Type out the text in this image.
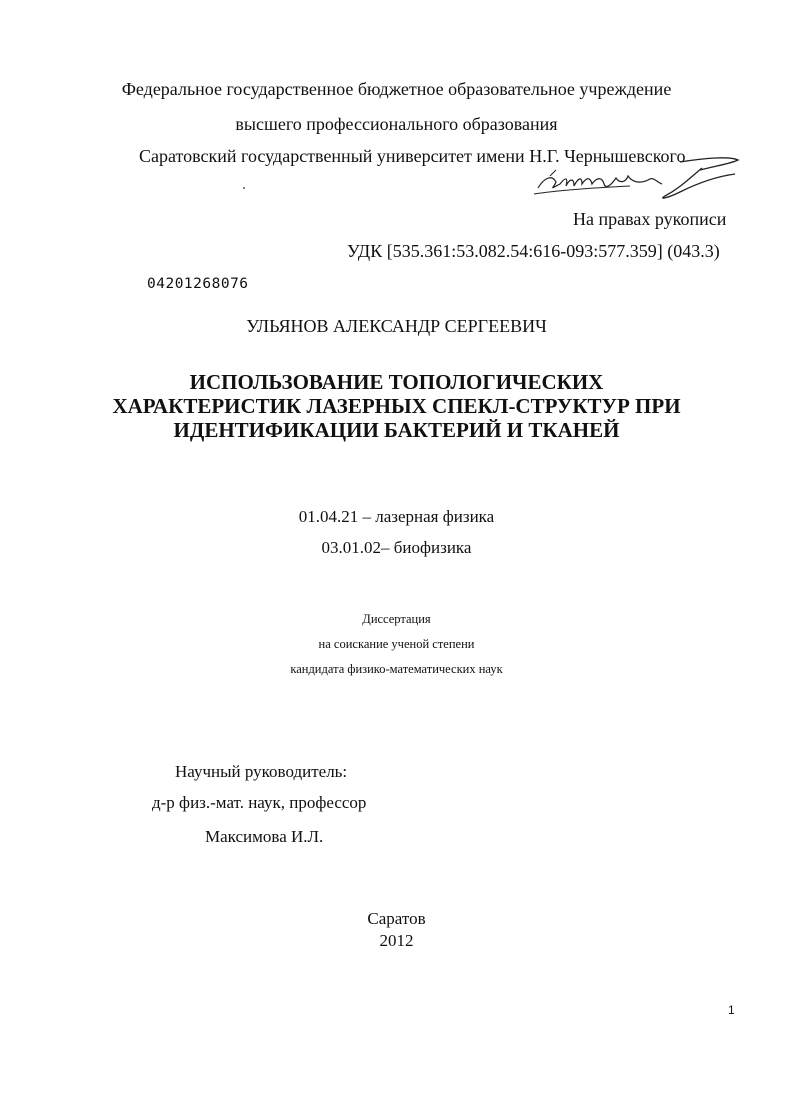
Федеральное государственное бюджетное образовательное учреждение
высшего профессионального образования
Саратовский государственный университет имени Н.Г. Чернышевского
На правах рукописи
УДК [535.361:53.082.54:616-093:577.359] (043.3)
04201268076
УЛЬЯНОВ АЛЕКСАНДР СЕРГЕЕВИЧ
ИСПОЛЬЗОВАНИЕ ТОПОЛОГИЧЕСКИХ
ХАРАКТЕРИСТИК ЛАЗЕРНЫХ СПЕКЛ-СТРУКТУР ПРИ
ИДЕНТИФИКАЦИИ БАКТЕРИЙ И ТКАНЕЙ
01.04.21 – лазерная физика
03.01.02– биофизика
Диссертация
на соискание ученой степени
кандидата физико-математических наук
Научный руководитель:
д-р физ.-мат. наук, профессор
Максимова И.Л.
Саратов
2012
1
